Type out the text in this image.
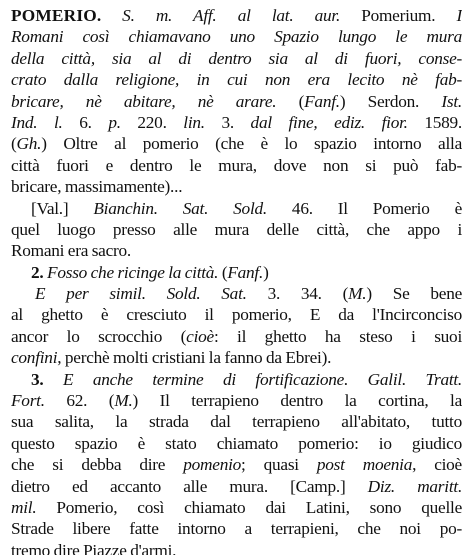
POMERIO. S. m. Aff. al lat. aur. Pomerium. I
Romani così chiamavano uno Spazio lungo le mura
della città, sia al di dentro sia al di fuori, conse-
crato dalla religione, in cui non era lecito nè fab-
bricare, nè abitare, nè arare. (Fanf.) Serdon. Ist.
Ind. l. 6. p. 220. lin. 3. dal fine, ediz. fior. 1589.
(Gh.) Oltre al pomerio (che è lo spazio intorno alla
città fuori e dentro le mura, dove non si può fab-
bricare, massimamente)...
[Val.] Bianchin. Sat. Sold. 46. Il Pomerio è
quel luogo presso alle mura delle città, che appo i
Romani era sacro.
2. Fosso che ricinge la città. (Fanf.)
E per simil. Sold. Sat. 3. 34. (M.) Se bene
al ghetto è cresciuto il pomerio, E da l'Incirconciso
ancor lo scrocchio (cioè: il ghetto ha steso i suoi
confini, perchè molti cristiani la fanno da Ebrei).
3. E anche termine di fortificazione. Galil. Tratt.
Fort. 62. (M.) Il terrapieno dentro la cortina, la
sua salita, la strada dal terrapieno all'abitato, tutto
questo spazio è stato chiamato pomerio: io giudico
che si debba dire pomenio; quasi post moenia, cioè
dietro ed accanto alle mura. [Camp.] Diz. maritt.
mil. Pomerio, così chiamato dai Latini, sono quelle
Strade libere fatte intorno a terrapieni, che noi po-
tremo dire Piazze d'armi.
